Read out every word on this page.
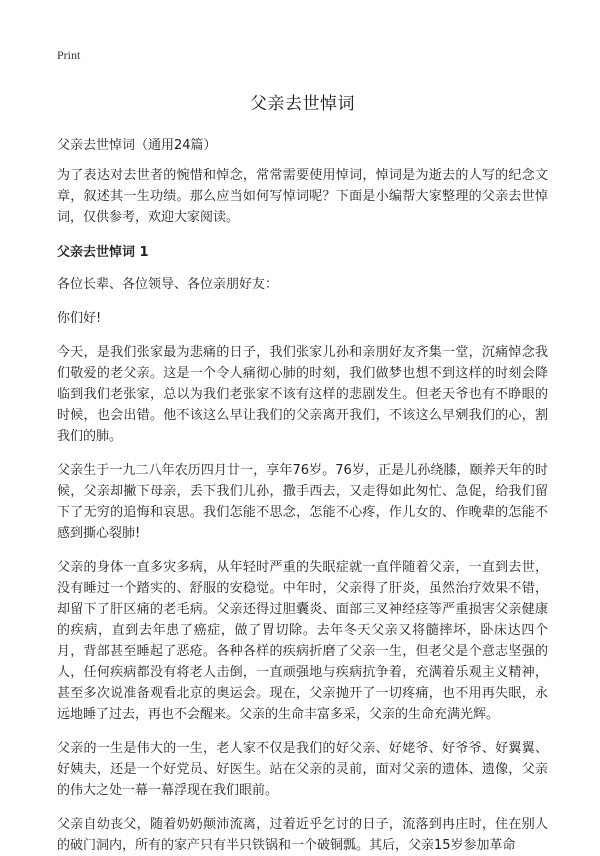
Print
父亲去世悼词

父亲去世悼词（通用24篇）

为了表达对去世者的惋惜和悼念，常常需要使用悼词，悼词是为逝去的人写的纪念文章，叙述其一生功绩。那么应当如何写悼词呢？下面是小编帮大家整理的父亲去世悼词，仅供参考，欢迎大家阅读。

父亲去世悼词 1

各位长辈、各位领导、各位亲朋好友：

你们好!

今天，是我们张家最为悲痛的日子，我们张家儿孙和亲朋好友齐集一堂，沉痛悼念我们敬爱的老父亲。这是一个令人痛彻心肺的时刻，我们做梦也想不到这样的时刻会降临到我们老张家，总以为我们老张家不该有这样的悲剧发生。但老天爷也有不睁眼的时候，也会出错。他不该这么早让我们的父亲离开我们，不该这么早剜我们的心，割我们的肺。

父亲生于一九二八年农历四月廿一，享年76岁。76岁，正是儿孙绕膝，颐养天年的时候，父亲却撇下母亲，丢下我们儿孙，撒手西去，又走得如此匆忙、急促，给我们留下了无穷的追悔和哀思。我们怎能不思念，怎能不心疼，作儿女的、作晚辈的怎能不感到撕心裂肺!

父亲的身体一直多灾多病，从年轻时严重的失眠症就一直伴随着父亲，一直到去世，没有睡过一个踏实的、舒服的安稳觉。中年时，父亲得了肝炎，虽然治疗效果不错，却留下了肝区痛的老毛病。父亲还得过胆囊炎、面部三叉神经痉等严重损害父亲健康的疾病，直到去年患了癌症，做了胃切除。去年冬天父亲又将髓摔坏，卧床达四个月，背部甚至睡起了恶疮。各种各样的疾病折磨了父亲一生，但老父是个意志坚强的人，任何疾病都没有将老人击倒，一直顽强地与疾病抗争着，充满着乐观主义精神，甚至多次说准备观看北京的奥运会。现在，父亲抛开了一切疼痛，也不用再失眠，永远地睡了过去，再也不会醒来。父亲的生命丰富多采，父亲的生命充满光辉。

父亲的一生是伟大的一生，老人家不仅是我们的好父亲、好姥爷、好爷爷、好翼翼、好姨夫，还是一个好党员、好医生。站在父亲的灵前，面对父亲的遗体、遗像，父亲的伟大之处一幕一幕浮现在我们眼前。

父亲自幼丧父，随着奶奶颠沛流离，过着近乎乞讨的日子，流落到冉庄时，住在别人的破门洞内，所有的家产只有半只铁锅和一个破铜瓢。其后，父亲15岁参加革命
